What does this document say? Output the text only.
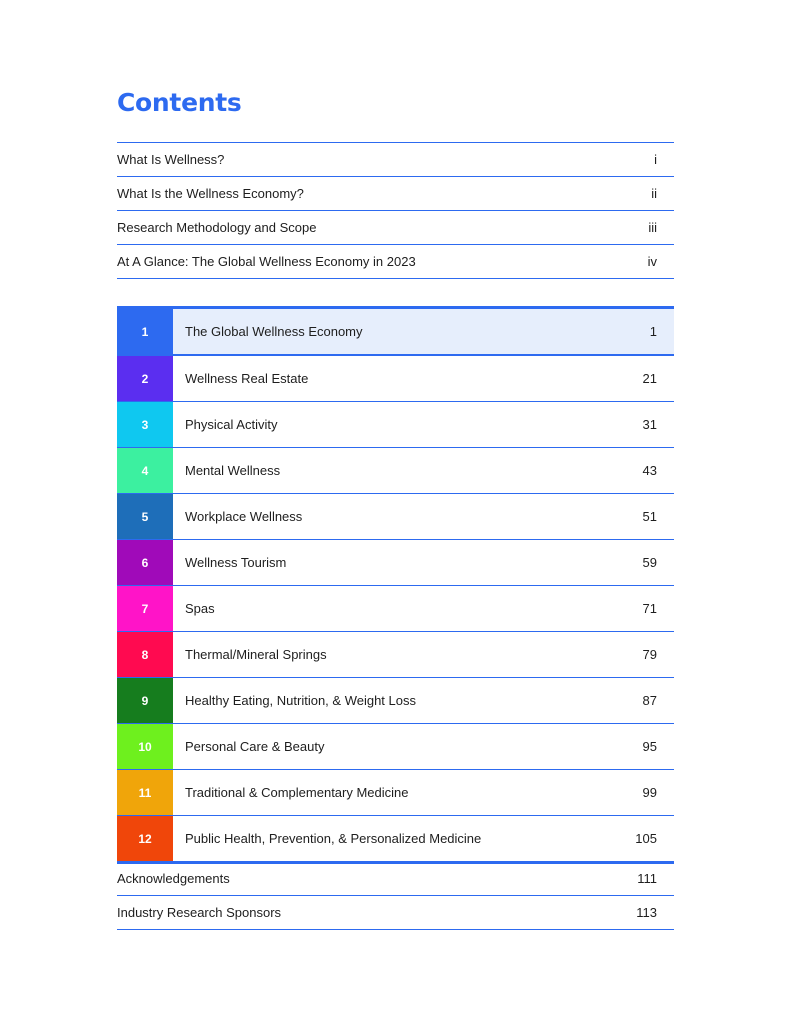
Contents
What Is Wellness?	i
What Is the Wellness Economy?	ii
Research Methodology and Scope	iii
At A Glance: The Global Wellness Economy in 2023	iv
1	The Global Wellness Economy	1
2	Wellness Real Estate	21
3	Physical Activity	31
4	Mental Wellness	43
5	Workplace Wellness	51
6	Wellness Tourism	59
7	Spas	71
8	Thermal/Mineral Springs	79
9	Healthy Eating, Nutrition, & Weight Loss	87
10	Personal Care & Beauty	95
11	Traditional & Complementary Medicine	99
12	Public Health, Prevention, & Personalized Medicine	105
Acknowledgements	111
Industry Research Sponsors	113
